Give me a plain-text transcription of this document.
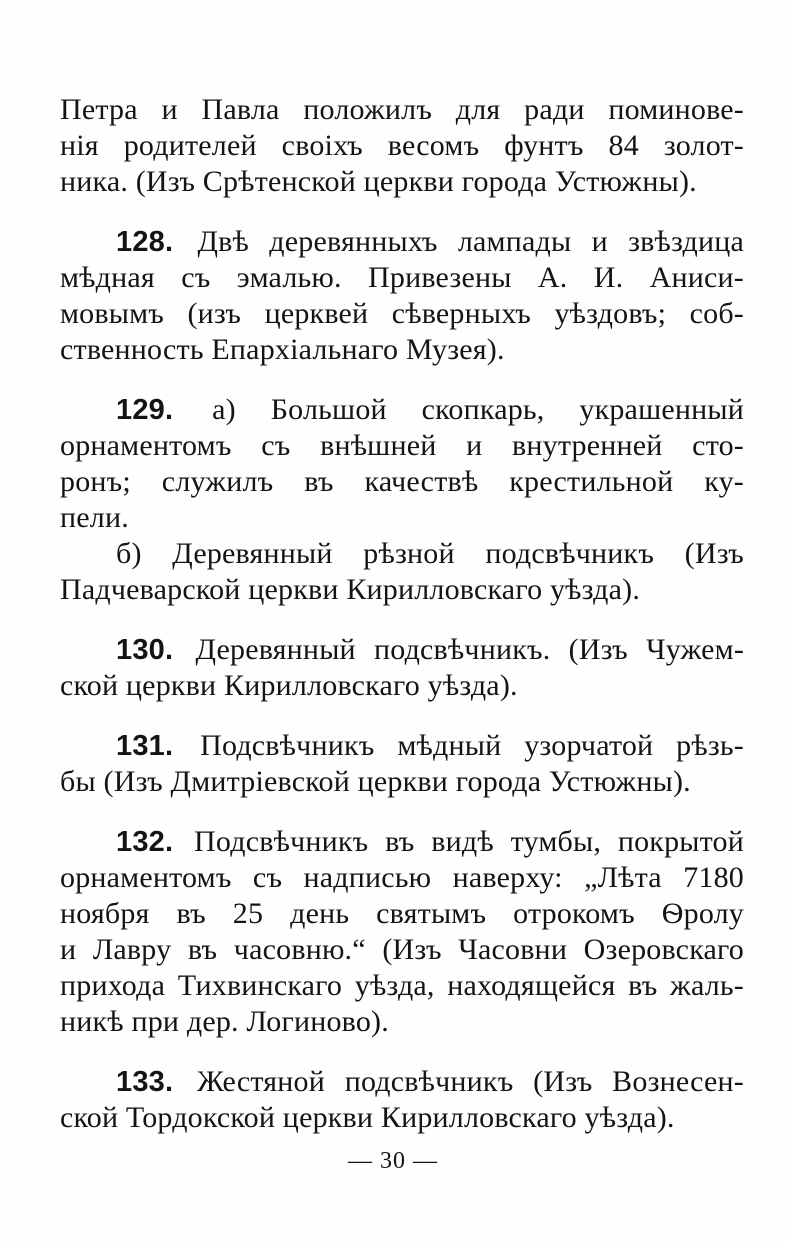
Петра и Павла положилъ для ради поминове-
нія родителей своіхъ весомъ фунтъ 84 золот-
ника. (Изъ Срѣтенской церкви города Устюжны).
128. Двѣ деревянныхъ лампады и звѣздица
мѣдная съ эмалью. Привезены А. И. Аниси-
мовымъ (изъ церквей сѣверныхъ уѣздовъ; соб-
ственность Епархіальнаго Музея).
129. а) Большой скопкарь, украшенный
орнаментомъ съ внѣшней и внутренней сто-
ронъ; служилъ въ качествѣ крестильной ку-
пели.
б) Деревянный рѣзной подсвѣчникъ (Изъ
Падчеварской церкви Кирилловскаго уѣзда).
130. Деревянный подсвѣчникъ. (Изъ Чужем-
ской церкви Кирилловскаго уѣзда).
131. Подсвѣчникъ мѣдный узорчатой рѣзь-
бы (Изъ Дмитріевской церкви города Устюжны).
132. Подсвѣчникъ въ видѣ тумбы, покрытой
орнаментомъ съ надписью наверху: „Лѣта 7180
ноября въ 25 день святымъ отрокомъ Ѳролу
и Лавру въ часовню.“ (Изъ Часовни Озеровскаго
прихода Тихвинскаго уѣзда, находящейся въ жаль-
никѣ при дер. Логиново).
133. Жестяной подсвѣчникъ (Изъ Вознесен-
ской Тордокской церкви Кирилловскаго уѣзда).
— 30 —
